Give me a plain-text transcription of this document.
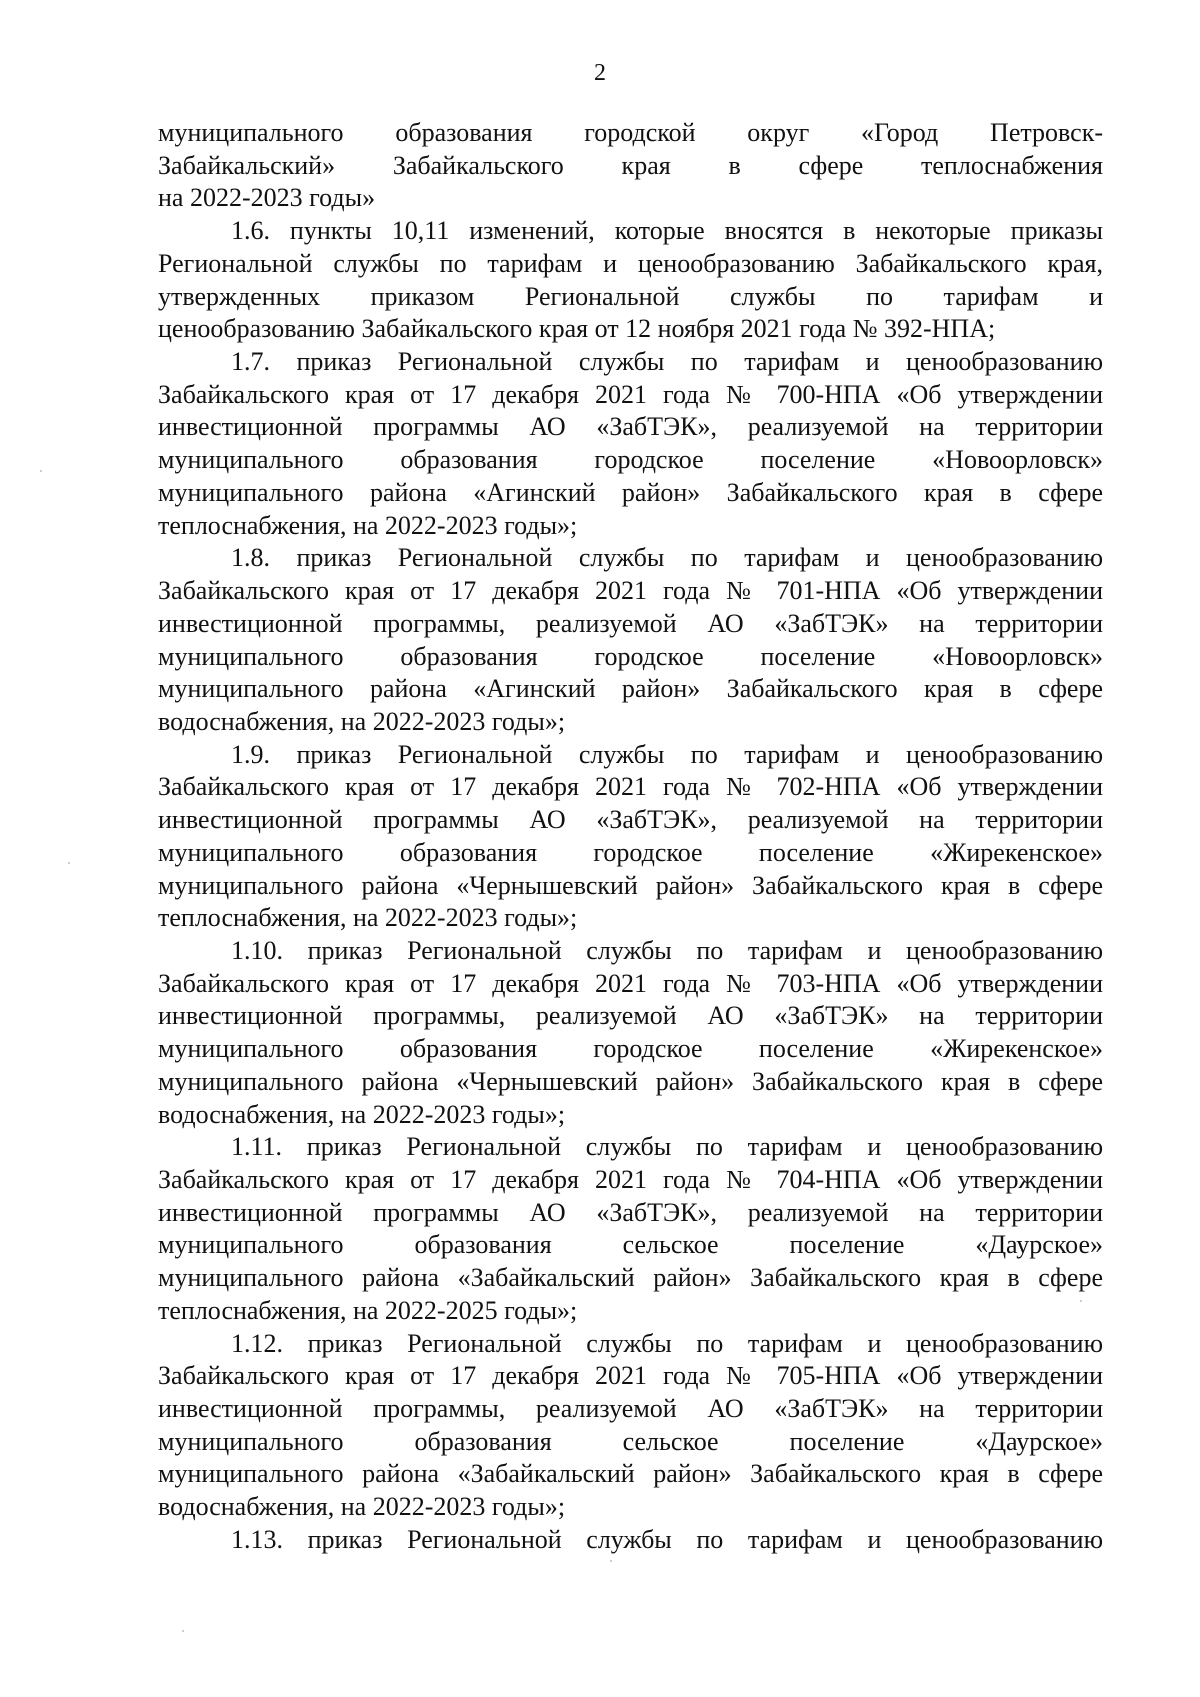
2
муниципального образования городской округ «Город Петровск-
Забайкальский» Забайкальского края в сфере теплоснабжения
на 2022-2023 годы»
1.6. пункты 10,11 изменений, которые вносятся в некоторые приказы
Региональной службы по тарифам и ценообразованию Забайкальского края,
утвержденных приказом Региональной службы по тарифам и
ценообразованию Забайкальского края от 12 ноября 2021 года № 392-НПА;
1.7. приказ Региональной службы по тарифам и ценообразованию
Забайкальского края от 17 декабря 2021 года № 700-НПА «Об утверждении
инвестиционной программы АО «ЗабТЭК», реализуемой на территории
муниципального образования городское поселение «Новоорловск»
муниципального района «Агинский район» Забайкальского края в сфере
теплоснабжения, на 2022-2023 годы»;
1.8. приказ Региональной службы по тарифам и ценообразованию
Забайкальского края от 17 декабря 2021 года № 701-НПА «Об утверждении
инвестиционной программы, реализуемой АО «ЗабТЭК» на территории
муниципального образования городское поселение «Новоорловск»
муниципального района «Агинский район» Забайкальского края в сфере
водоснабжения, на 2022-2023 годы»;
1.9. приказ Региональной службы по тарифам и ценообразованию
Забайкальского края от 17 декабря 2021 года № 702-НПА «Об утверждении
инвестиционной программы АО «ЗабТЭК», реализуемой на территории
муниципального образования городское поселение «Жирекенское»
муниципального района «Чернышевский район» Забайкальского края в сфере
теплоснабжения, на 2022-2023 годы»;
1.10. приказ Региональной службы по тарифам и ценообразованию
Забайкальского края от 17 декабря 2021 года № 703-НПА «Об утверждении
инвестиционной программы, реализуемой АО «ЗабТЭК» на территории
муниципального образования городское поселение «Жирекенское»
муниципального района «Чернышевский район» Забайкальского края в сфере
водоснабжения, на 2022-2023 годы»;
1.11. приказ Региональной службы по тарифам и ценообразованию
Забайкальского края от 17 декабря 2021 года № 704-НПА «Об утверждении
инвестиционной программы АО «ЗабТЭК», реализуемой на территории
муниципального образования сельское поселение «Даурское»
муниципального района «Забайкальский район» Забайкальского края в сфере
теплоснабжения, на 2022-2025 годы»;
1.12. приказ Региональной службы по тарифам и ценообразованию
Забайкальского края от 17 декабря 2021 года № 705-НПА «Об утверждении
инвестиционной программы, реализуемой АО «ЗабТЭК» на территории
муниципального образования сельское поселение «Даурское»
муниципального района «Забайкальский район» Забайкальского края в сфере
водоснабжения, на 2022-2023 годы»;
1.13. приказ Региональной службы по тарифам и ценообразованию
